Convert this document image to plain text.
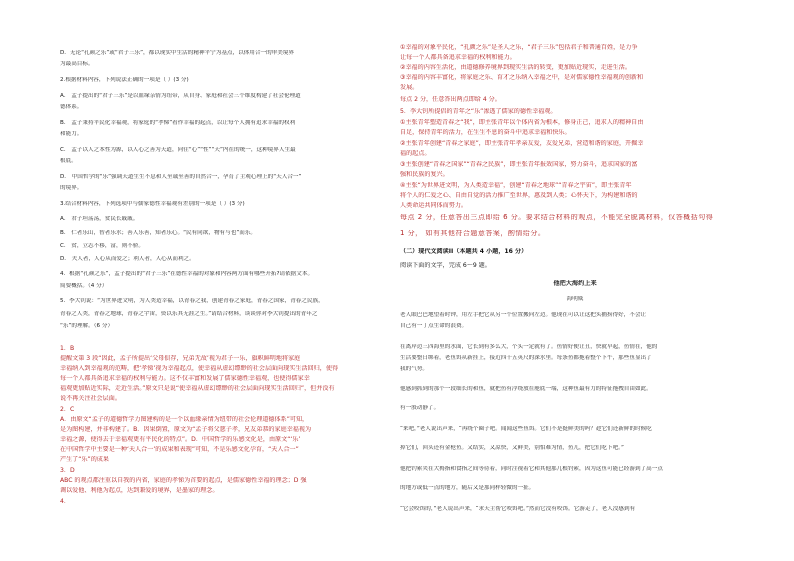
D．无论“孔颜之乐”或“君子三乐”，都以现实中生活的精神平宁为基点，以体用合一的审美境界
为最高目标。
2.根据材料内容，下列说法正确的一项是（ ）(3 分)
A． 孟子提出的“君子三乐”是以血缘亲情为纽带，从自身、家庭和社会三个维度构建了社会伦理道
德体系。
B． 孟子秉持平民化幸福观，将家庭的“孝悌”看作幸福的起点，以让每个人拥有追求幸福的权利
和能力。
C． 孟子以人之本性为源，以人心之善为天道，向往“心”“性”“天”内在的统一，这种境界人生最
根底。
D． 中国哲学的“乐”强调天道生生不息和人至诚至善的自然合一，孕育了主观心理上的“天人合一”
的境界。
3.结合材料内容，下列选项中与儒家德性幸福观有差别的一项是（ ）(3 分)
A． 君子坦荡荡，贫民长戚戚。
B． 仁者乐山，智者乐水；善人乐善，知者乐心。“民有同欲，物有与也”而乐。
C． 贫，立志不移，富，则不骄。
D． 夫人者，人心从而爱之；利人者，人心从而利之。
4．根据“孔颜之乐”，孟子提出的“君子三乐”在德性幸福的对象和内容两方面有哪些开拓?请依据文本。
简要概括。（4 分）
5．李大钊说：“为世界进文明，为人类造幸福，以青春之我，创建青春之家庭，青春之国家，青春之民族，
青春之人类，青春之地球，青春之宇宙，资以乐其无涯之生。”请结合材料，谈谈你对李大钊提出的青年之
“乐”的理解。（6 分）
1．B
提醒文第 3 段“因此，孟子所提出‘父母俱存，兄弟无故’视为君子一乐，旗帜鲜明地将家庭
幸福纳入到幸福观的范畴，把‘孝悌’视为幸福起点，使幸福从虚幻缥缈的社会层面向现实生活回归，使得
每一个人都具备追求幸福的权利与能力。这不仅丰富和发展了儒家德性幸福观，也使得儒家幸
福观更加贴近实际，走近生活。”原文只是说“使幸福从虚幻缥缈的社会层面向现实生活回归”，但并没有
说不再关注社会层面。
2．C
A．由原文“孟子的道德哲学力图建构的是一个以血缘亲情为纽带的社会伦理道德体系”可知，
是为图构建，并非构建了。B．因果倒置，原文为“孟子将父慈子孝，兄友弟恭的家庭幸福视为
幸福之源，使得去于幸福观更有平民化的特点”。D．中国哲学的乐感文化是，由原文“‘乐’
在中国哲学中主要是一种‘天人合一’的成果和表现”可知，不是乐感文化孕育，“天人合一”
产生了“乐”的成果
3．D
ABC 的观点都注重以自我的内省，家庭的孝悌为首要的起点，是儒家德性幸福的理念；D 强
调以爱他、利他为起点，达到兼爱的境界，是墨家的理念。
4．
①幸福的对象平民化，“孔颜之乐”是圣人之乐，“君子三乐”包括君子和普通百姓，是力争
让每一个人都具备追求幸福的权利和能力。
②幸福的内容生活化，由道德修养境界到现实生活的转变，更加贴近现实，走进生活。
③幸福的内容丰富化，将家庭之乐、育才之乐纳入幸福之中，是对儒家德性幸福观的创新和
发展。
每点 2 分，任意答出两点即给 4 分。
5．李大钊所提倡的青年之“乐”渗透了儒家的德性幸福观。
①主张青年塑造青春之“我”，即主张青年以个体内省为根本，修身正己，追求人的精神自由
自足，保持青年的活力，在生生不息的奋斗中追求幸福和快乐。
②主张青年创建“青春之家庭”，即主张青年孝亲友爱，友爱兄弟，营造和谐的家庭，开掘幸
福的起点。
③主张创建“青春之国家”“青春之民族”，即主张青年报效国家，努力奋斗，追求国家的富
强和民族的复兴。
④主张“为世界进文明，为人类造幸福”，创建“青春之地球”“青春之宇宙”，即主张青年
将个人的仁爱之心、自由自觉的活力推广至世界，惠及到人类；心怀天下，为构建和谐的
人类命运共同体而努力。
每点 2 分，任意答出三点即给 6 分。要求结合材料的观点，不能完全脱离材料，仅答概括句得
1 分， 如有其他符合题意答案，酌情给分。
（二）现代文阅读II（本题共 4 小题，16 分）
阅读下面的文字，完成 6～9 题。
他把大海约上来
海明威
老人眼巴巴地望着时钟，用左手把它从另一个位置搬向左边。他现在可以让这把头捕捞得好，不会让
自己有一丁点生命的浪费。
在离岸边三四海里的水面，它长到有多么大，个头一定就有了。鱼情好便让丑，快就早起，鱼情在，他的
生活要整日绑着，老鱼饵从新挂上，接近四十五英尺的深水里。每条鱼都拖着整个下午，那些鱼显出了
我的气势。
他感到抓到的那个一段细长的和鱼，就把鱼有浮绕放在舱底一端，这种鱼最有力的特征拖拽自由如此。
有一股动静了。
“来吧，”老人说出声来，“再绕个圈子吧。闻闻这些鱼饵。它们不是挺鲜美的吗？趁它们还新鲜的时候吃
掉它们，回头还有金枪鱼。又结实，又凉快，又鲜美，别怕难为情，鱼儿，把它们吃下吧。”
他把钓索夹在大拇指和食指之间等待着，同时注视着它和其他那几根钓索，因为这鱼可能已经游到了高一点
的地方或低一点的地方，随后又是那同样轻微的一扯。
“它会咬饵的，”老人说出声来，“求天主帮它咬饵吧。”然而它没有咬饵。它游走了，老人没感到有
